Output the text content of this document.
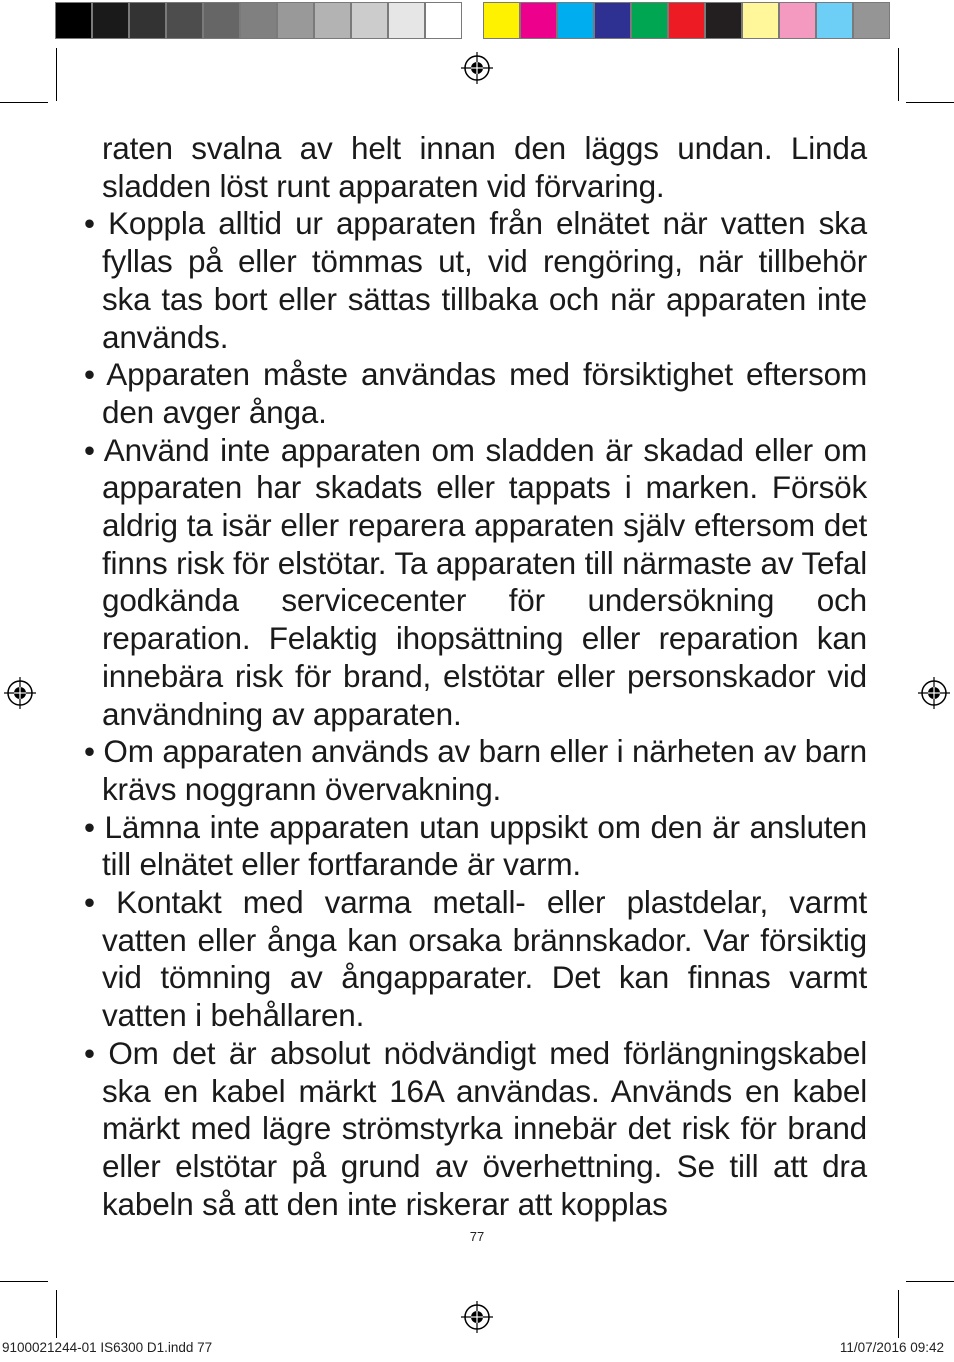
raten svalna av helt innan den läggs undan. Linda sladden löst runt apparaten vid förvaring.

• Koppla alltid ur apparaten från elnätet när vatten ska fyllas på eller tömmas ut, vid rengöring, när tillbehör ska tas bort eller sättas tillbaka och när apparaten inte används.

• Apparaten måste användas med försiktighet eftersom den avger ånga.

• Använd inte apparaten om sladden är skadad eller om apparaten har skadats eller tappats i marken. Försök aldrig ta isär eller reparera apparaten själv eftersom det finns risk för elstötar. Ta apparaten till närmaste av Tefal godkända servicecenter för undersökning och reparation. Felaktig ihopsättning eller reparation kan innebära risk för brand, elstötar eller personskador vid användning av apparaten.

• Om apparaten används av barn eller i närheten av barn krävs noggrann övervakning.

• Lämna inte apparaten utan uppsikt om den är ansluten till elnätet eller fortfarande är varm.

• Kontakt med varma metall- eller plastdelar, varmt vatten eller ånga kan orsaka brännskador. Var försiktig vid tömning av ångapparater. Det kan finnas varmt vatten i behållaren.

• Om det är absolut nödvändigt med förlängningskabel ska en kabel märkt 16A användas. Används en kabel märkt med lägre strömstyrka innebär det risk för brand eller elstötar på grund av överhettning. Se till att dra kabeln så att den inte riskerar att kopplas

77
9100021244-01 IS6300 D1.indd 77	11/07/2016 09:42
